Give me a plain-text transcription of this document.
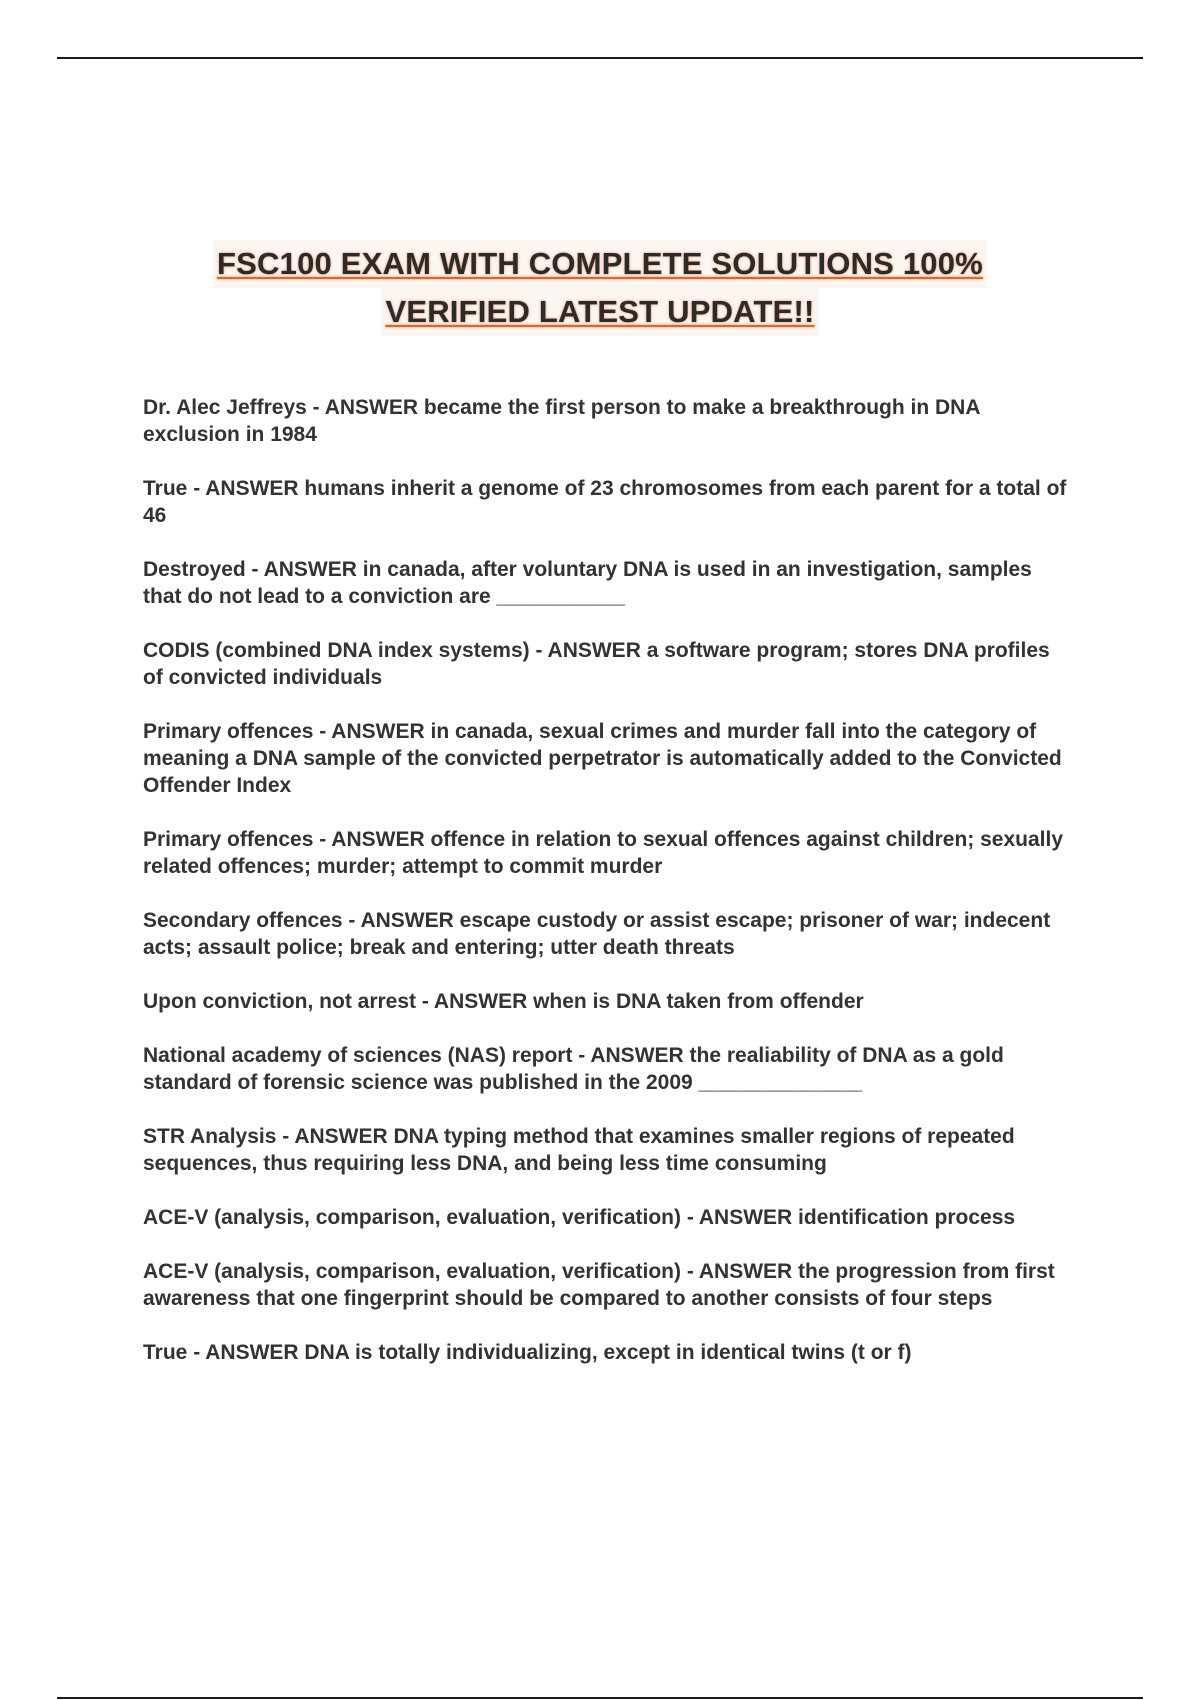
FSC100 EXAM WITH COMPLETE SOLUTIONS 100%
VERIFIED LATEST UPDATE!!
Dr. Alec Jeffreys - ANSWER became the first person to make a breakthrough in DNA exclusion in 1984
True - ANSWER humans inherit a genome of 23 chromosomes from each parent for a total of 46
Destroyed - ANSWER in canada, after voluntary DNA is used in an investigation, samples that do not lead to a conviction are ___________
CODIS (combined DNA index systems) - ANSWER a software program; stores DNA profiles of convicted individuals
Primary offences - ANSWER in canada, sexual crimes and murder fall into the category of meaning a DNA sample of the convicted perpetrator is automatically added to the Convicted Offender Index
Primary offences - ANSWER offence in relation to sexual offences against children; sexually related offences; murder; attempt to commit murder
Secondary offences - ANSWER escape custody or assist escape; prisoner of war; indecent acts; assault police; break and entering; utter death threats
Upon conviction, not arrest - ANSWER when is DNA taken from offender
National academy of sciences (NAS) report - ANSWER the realiability of DNA as a gold standard of forensic science was published in the 2009 ______________
STR Analysis - ANSWER DNA typing method that examines smaller regions of repeated sequences, thus requiring less DNA, and being less time consuming
ACE-V (analysis, comparison, evaluation, verification) - ANSWER identification process
ACE-V (analysis, comparison, evaluation, verification) - ANSWER the progression from first awareness that one fingerprint should be compared to another consists of four steps
True - ANSWER DNA is totally individualizing, except in identical twins (t or f)
